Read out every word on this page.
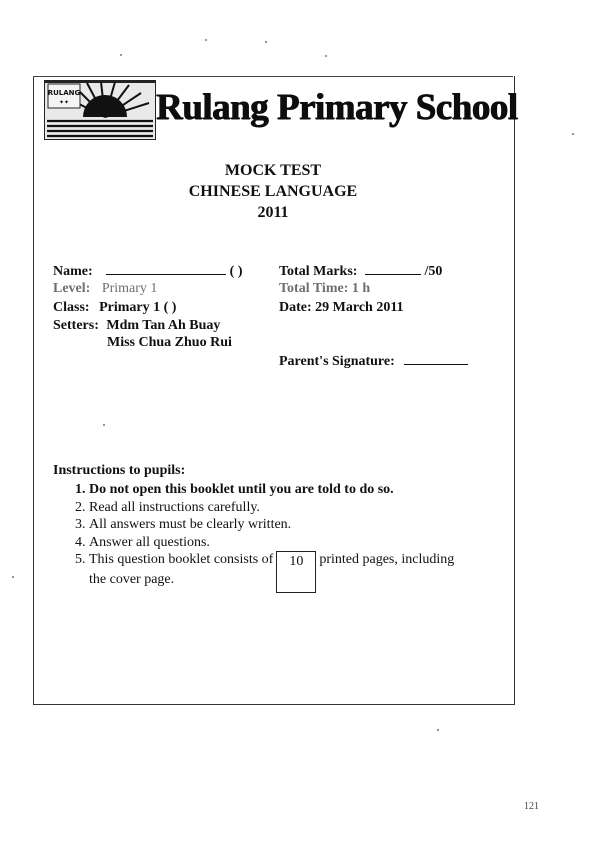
RULANG
✦✦ Rulang Primary School
MOCK TEST
CHINESE LANGUAGE
2011
Name:	( )
Level: Primary 1
Class: Primary 1 ( )
Setters: Mdm Tan Ah Buay
Miss Chua Zhuo Rui
Total Marks:	/50
Total Time: 1 h
Date: 29 March 2011
Parent's Signature:
Instructions to pupils:
1. Do not open this booklet until you are told to do so.
2. Read all instructions carefully.
3. All answers must be clearly written.
4. Answer all questions.
5. This question booklet consists of 10 printed pages, including
the cover page.
121
